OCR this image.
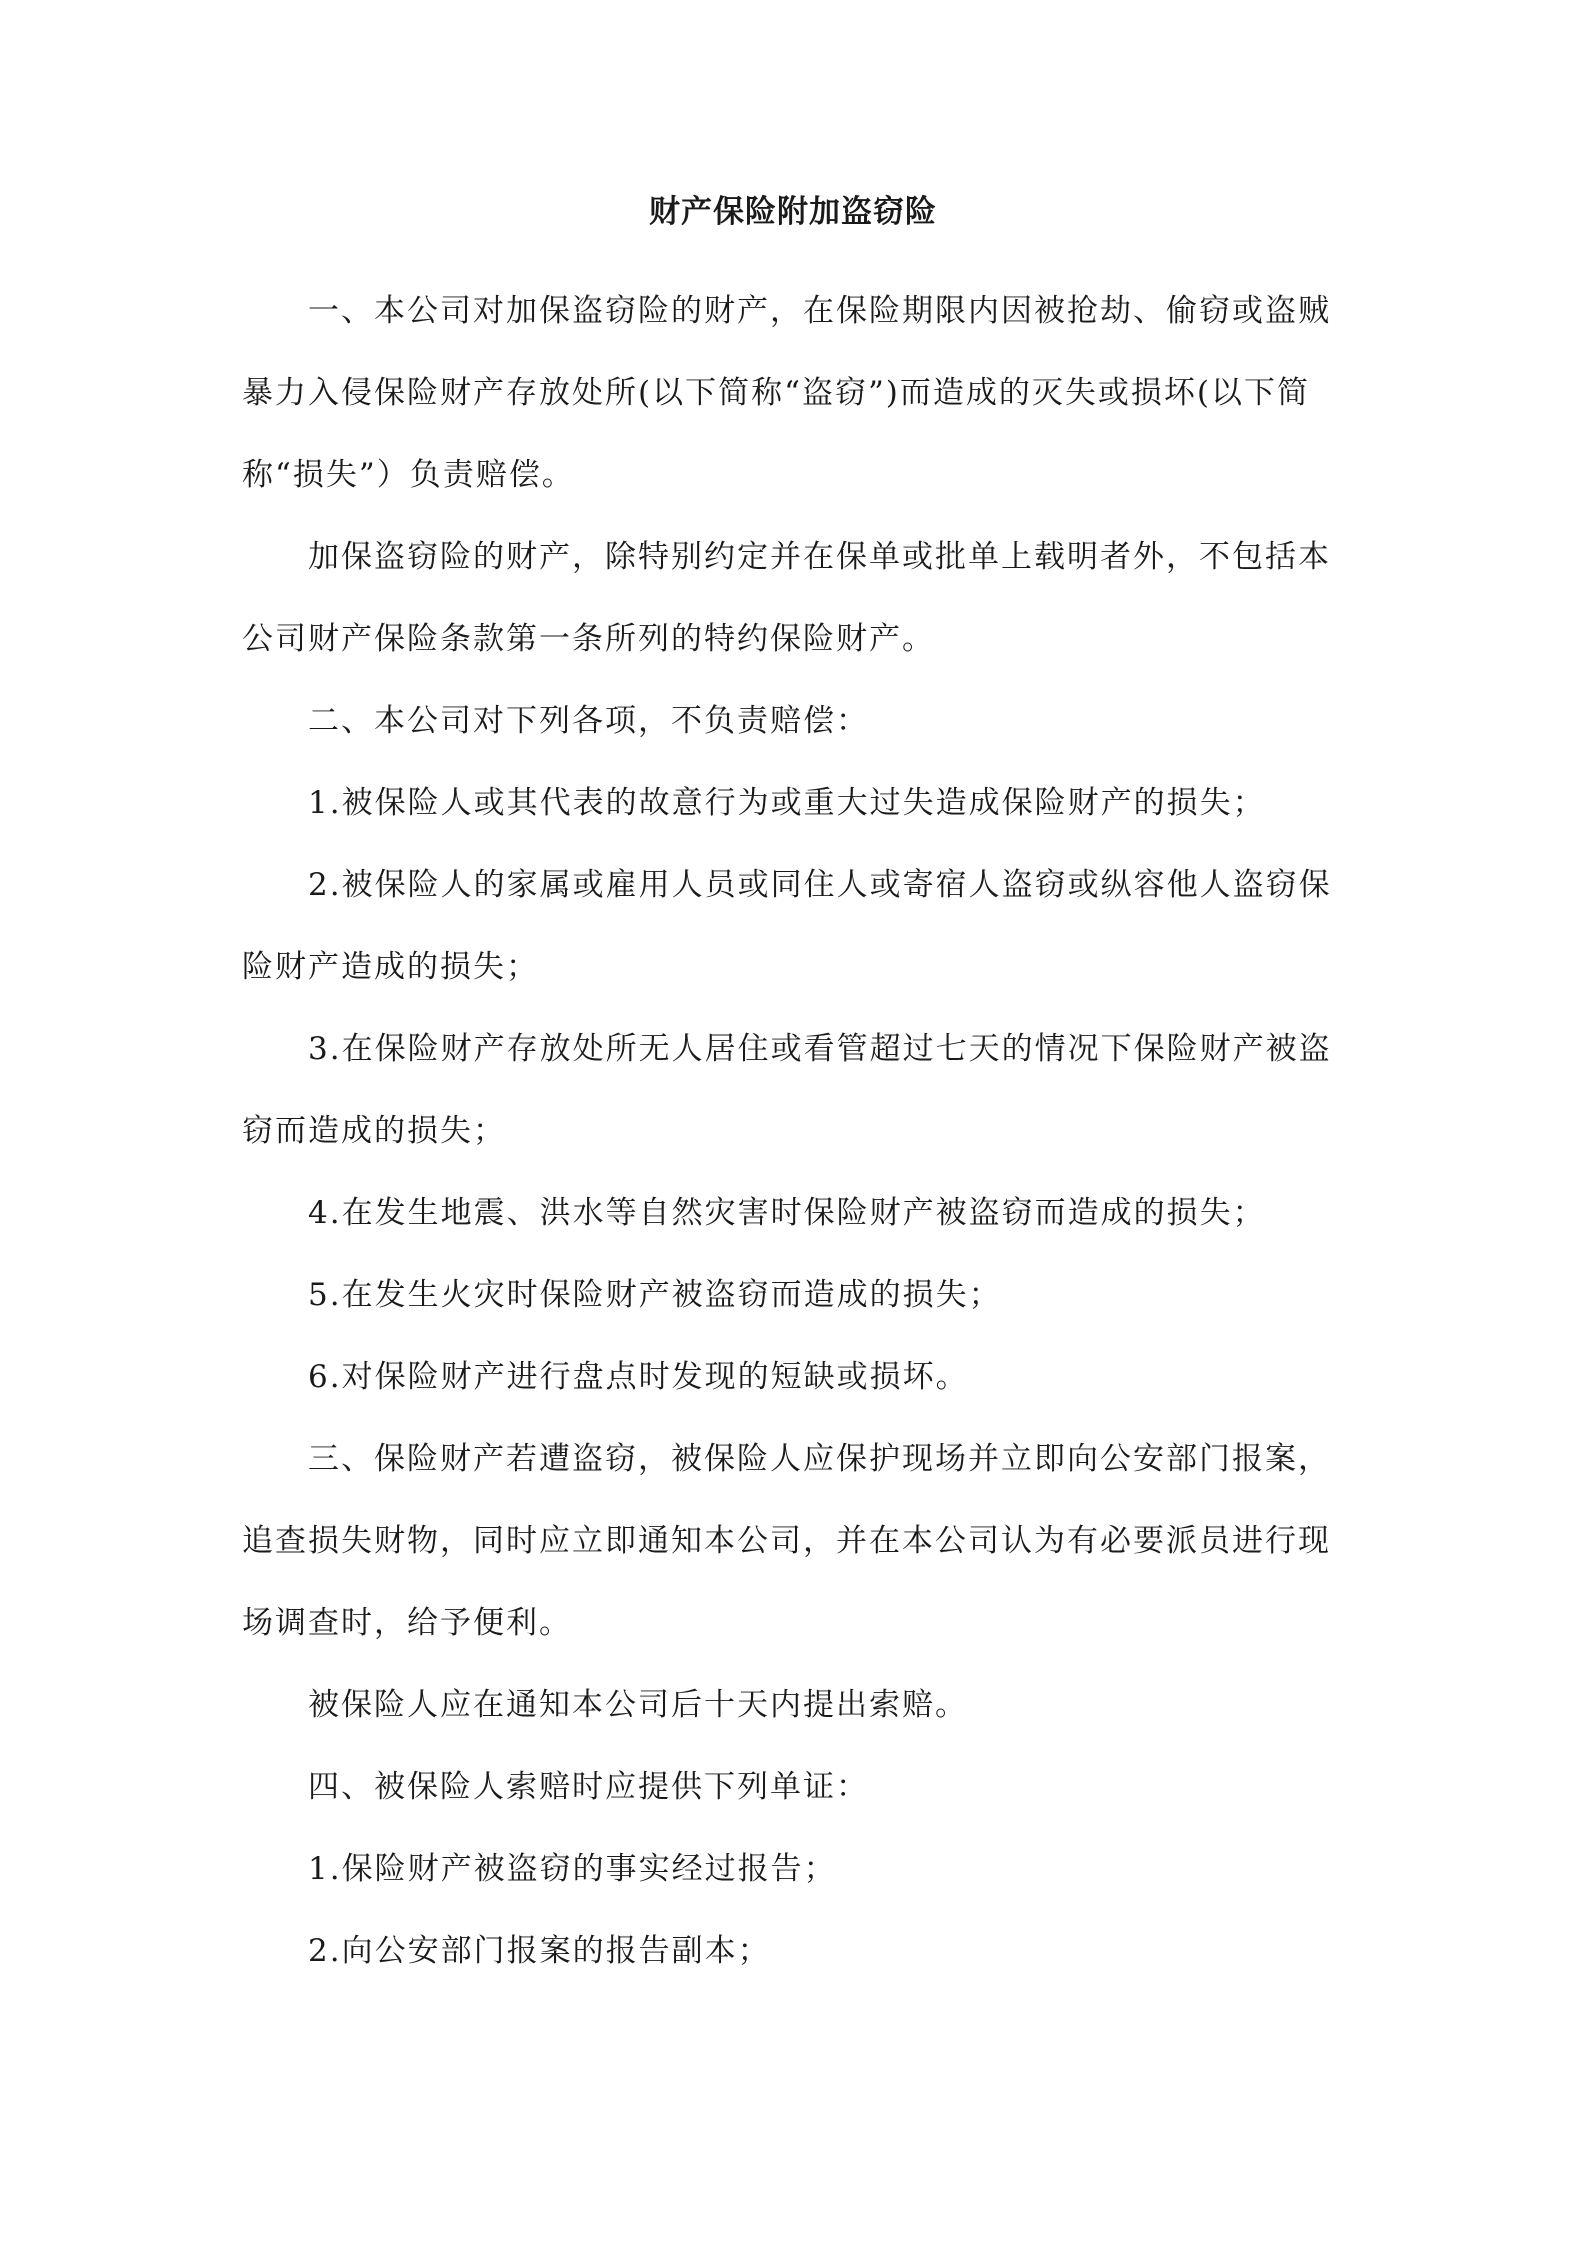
财产保险附加盗窃险

一、本公司对加保盗窃险的财产，在保险期限内因被抢劫、偷窃或盗贼暴力入侵保险财产存放处所(以下简称“盗窃”)而造成的灭失或损坏(以下简称“损失”）负责赔偿。

加保盗窃险的财产，除特别约定并在保单或批单上载明者外，不包括本公司财产保险条款第一条所列的特约保险财产。

二、本公司对下列各项，不负责赔偿：

1.被保险人或其代表的故意行为或重大过失造成保险财产的损失；

2.被保险人的家属或雇用人员或同住人或寄宿人盗窃或纵容他人盗窃保险财产造成的损失；

3.在保险财产存放处所无人居住或看管超过七天的情况下保险财产被盗窃而造成的损失；

4.在发生地震、洪水等自然灾害时保险财产被盗窃而造成的损失；

5.在发生火灾时保险财产被盗窃而造成的损失；

6.对保险财产进行盘点时发现的短缺或损坏。

三、保险财产若遭盗窃，被保险人应保护现场并立即向公安部门报案，追查损失财物，同时应立即通知本公司，并在本公司认为有必要派员进行现场调查时，给予便利。

被保险人应在通知本公司后十天内提出索赔。

四、被保险人索赔时应提供下列单证：

1.保险财产被盗窃的事实经过报告；

2.向公安部门报案的报告副本；
